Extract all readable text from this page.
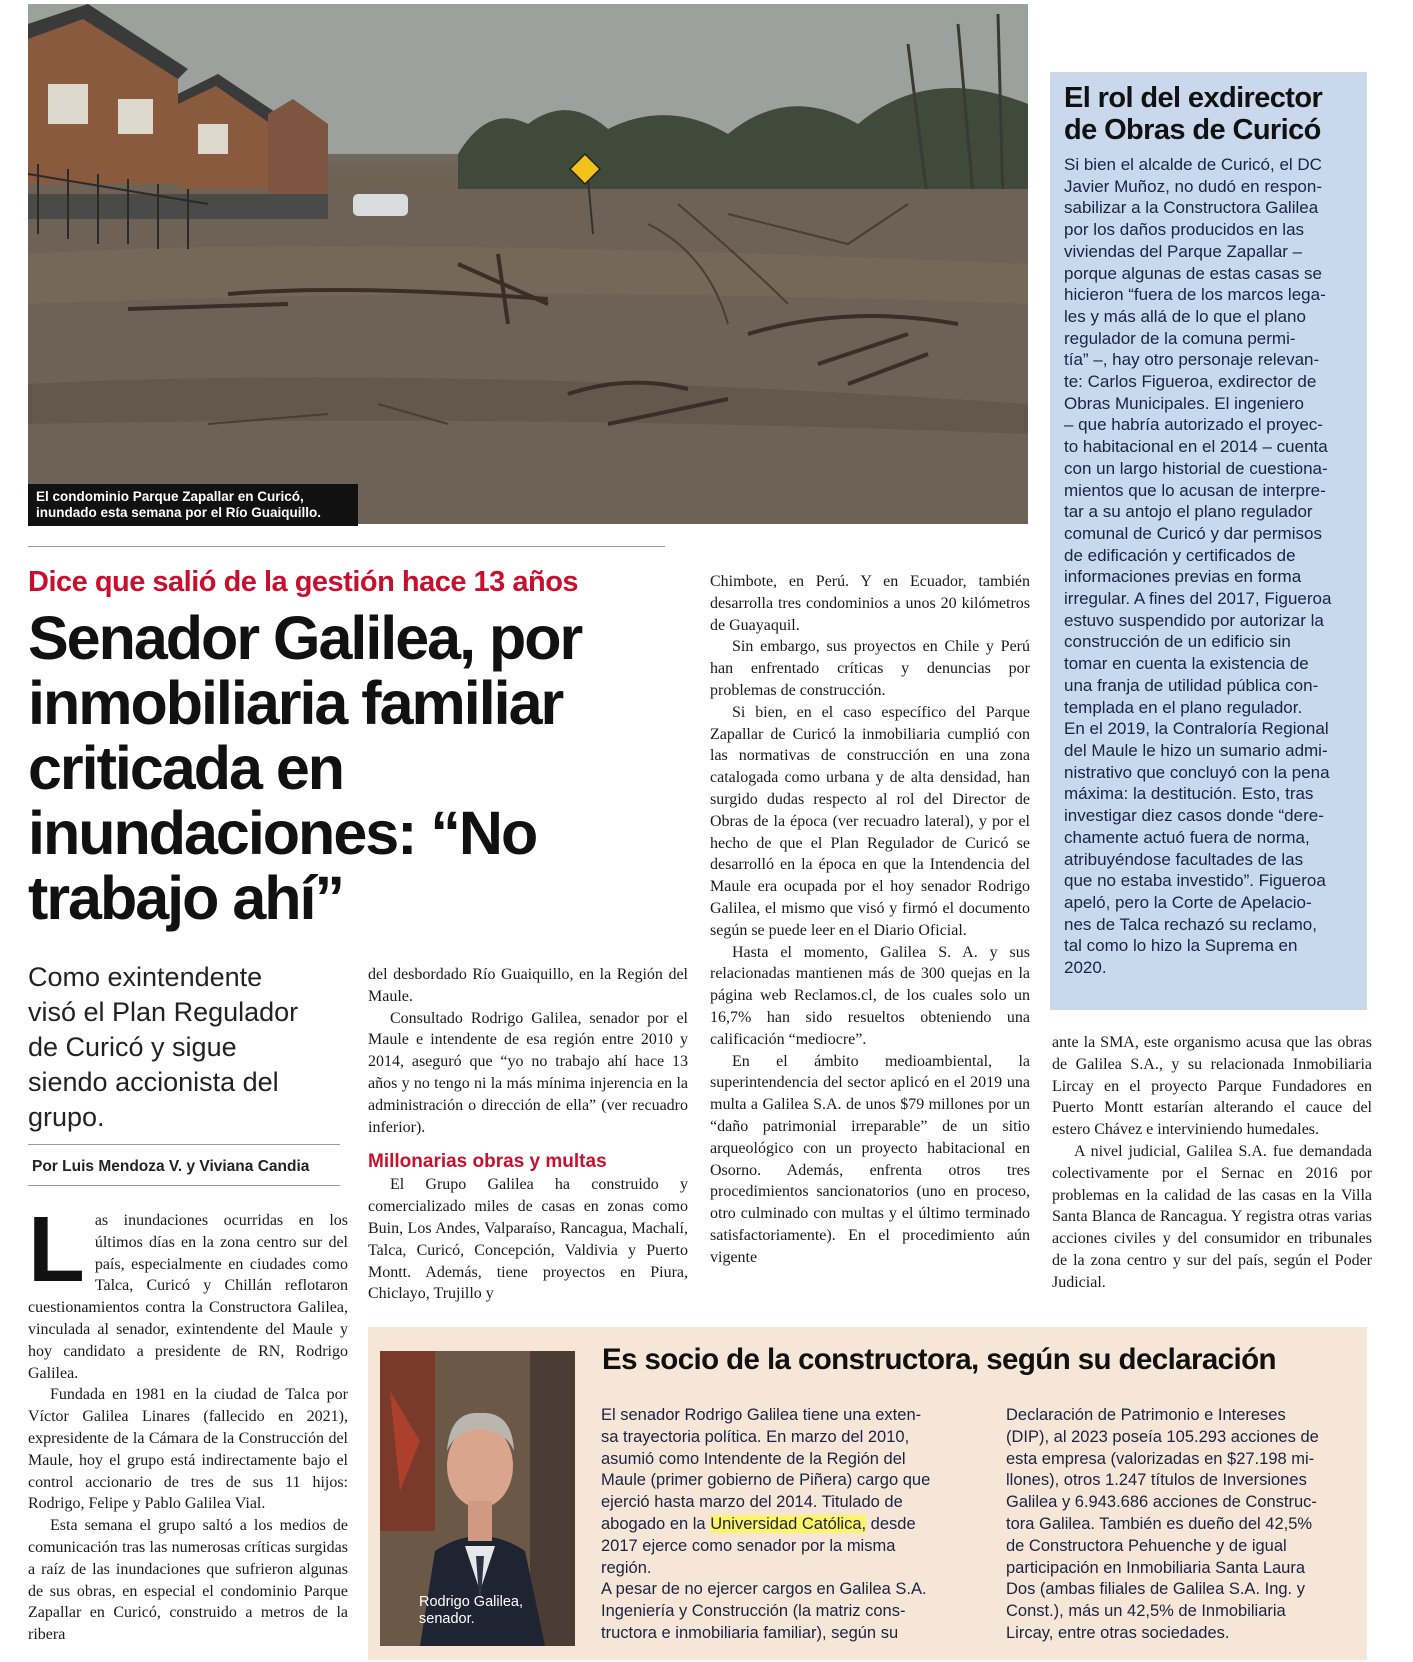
El condominio Parque Zapallar en Curicó,
inundado esta semana por el Río Guaiquillo.
El rol del exdirector de Obras de Curicó

Si bien el alcalde de Curicó, el DC
Javier Muñoz, no dudó en respon-
sabilizar a la Constructora Galilea
por los daños producidos en las
viviendas del Parque Zapallar –
porque algunas de estas casas se
hicieron “fuera de los marcos lega-
les y más allá de lo que el plano
regulador de la comuna permi-
tía” –, hay otro personaje relevan-
te: Carlos Figueroa, exdirector de
Obras Municipales. El ingeniero
– que habría autorizado el proyec-
to habitacional en el 2014 – cuenta
con un largo historial de cuestiona-
mientos que lo acusan de interpre-
tar a su antojo el plano regulador
comunal de Curicó y dar permisos
de edificación y certificados de
informaciones previas en forma
irregular. A fines del 2017, Figueroa
estuvo suspendido por autorizar la
construcción de un edificio sin
tomar en cuenta la existencia de
una franja de utilidad pública con-
templada en el plano regulador.
En el 2019, la Contraloría Regional
del Maule le hizo un sumario admi-
nistrativo que concluyó con la pena
máxima: la destitución. Esto, tras
investigar diez casos donde “dere-
chamente actuó fuera de norma,
atribuyéndose facultades de las
que no estaba investido”. Figueroa
apeló, pero la Corte de Apelacio-
nes de Talca rechazó su reclamo,
tal como lo hizo la Suprema en
2020.

Dice que salió de la gestión hace 13 años
Senador Galilea, por
inmobiliaria familiar
criticada en
inundaciones: “No
trabajo ahí”
Como exintendente
visó el Plan Regulador
de Curicó y sigue
siendo accionista del
grupo.
Por Luis Mendoza V. y Viviana Candia

L as inundaciones ocurridas en los últimos días en la zona centro sur del país, especialmente en ciudades como Talca, Curicó y Chillán reflotaron cuestionamientos contra la Constructora Galilea, vinculada al senador, exintendente del Maule y hoy candidato a presidente de RN, Rodrigo Galilea.

Fundada en 1981 en la ciudad de Talca por Víctor Galilea Linares (fallecido en 2021), expresidente de la Cámara de la Construcción del Maule, hoy el grupo está indirectamente bajo el control accionario de tres de sus 11 hijos: Rodrigo, Felipe y Pablo Galilea Vial.

Esta semana el grupo saltó a los medios de comunicación tras las numerosas críticas surgidas a raíz de las inundaciones que sufrieron algunas de sus obras, en especial el condominio Parque Zapallar en Curicó, construido a metros de la ribera

del desbordado Río Guaiquillo, en la Región del Maule.

Consultado Rodrigo Galilea, senador por el Maule e intendente de esa región entre 2010 y 2014, aseguró que “yo no trabajo ahí hace 13 años y no tengo ni la más mínima injerencia en la administración o dirección de ella” (ver recuadro inferior).

Millonarias obras y multas

El Grupo Galilea ha construido y comercializado miles de casas en zonas como Buin, Los Andes, Valparaíso, Rancagua, Machalí, Talca, Curicó, Concepción, Valdivia y Puerto Montt. Además, tiene proyectos en Piura, Chiclayo, Trujillo y

Chimbote, en Perú. Y en Ecuador, también desarrolla tres condominios a unos 20 kilómetros de Guayaquil.

Sin embargo, sus proyectos en Chile y Perú han enfrentado críticas y denuncias por problemas de construcción.

Si bien, en el caso específico del Parque Zapallar de Curicó la inmobiliaria cumplió con las normativas de construcción en una zona catalogada como urbana y de alta densidad, han surgido dudas respecto al rol del Director de Obras de la época (ver recuadro lateral), y por el hecho de que el Plan Regulador de Curicó se desarrolló en la época en que la Intendencia del Maule era ocupada por el hoy senador Rodrigo Galilea, el mismo que visó y firmó el documento según se puede leer en el Diario Oficial.

Hasta el momento, Galilea S. A. y sus relacionadas mantienen más de 300 quejas en la página web Reclamos.cl, de los cuales solo un 16,7% han sido resueltos obteniendo una calificación “mediocre”.

En el ámbito medioambiental, la superintendencia del sector aplicó en el 2019 una multa a Galilea S.A. de unos $79 millones por un “daño patrimonial irreparable” de un sitio arqueológico con un proyecto habitacional en Osorno. Además, enfrenta otros tres procedimientos sancionatorios (uno en proceso, otro culminado con multas y el último terminado satisfactoriamente). En el procedimiento aún vigente

ante la SMA, este organismo acusa que las obras de Galilea S.A., y su relacionada Inmobiliaria Lircay en el proyecto Parque Fundadores en Puerto Montt estarían alterando el cauce del estero Chávez e interviniendo humedales.

A nivel judicial, Galilea S.A. fue demandada colectivamente por el Sernac en 2016 por problemas en la calidad de las casas en la Villa Santa Blanca de Rancagua. Y registra otras varias acciones civiles y del consumidor en tribunales de la zona centro y sur del país, según el Poder Judicial.

Rodrigo Galilea,
senador.
Es socio de la constructora, según su declaración
El senador Rodrigo Galilea tiene una exten-
sa trayectoria política. En marzo del 2010,
asumió como Intendente de la Región del
Maule (primer gobierno de Piñera) cargo que
ejerció hasta marzo del 2014. Titulado de
abogado en la Universidad Católica, desde
2017 ejerce como senador por la misma
región.
A pesar de no ejercer cargos en Galilea S.A.
Ingeniería y Construcción (la matriz cons-
tructora e inmobiliaria familiar), según su
Declaración de Patrimonio e Intereses
(DIP), al 2023 poseía 105.293 acciones de
esta empresa (valorizadas en $27.198 mi-
llones), otros 1.247 títulos de Inversiones
Galilea y 6.943.686 acciones de Construc-
tora Galilea. También es dueño del 42,5%
de Constructora Pehuenche y de igual
participación en Inmobiliaria Santa Laura
Dos (ambas filiales de Galilea S.A. Ing. y
Const.), más un 42,5% de Inmobiliaria
Lircay, entre otras sociedades.
